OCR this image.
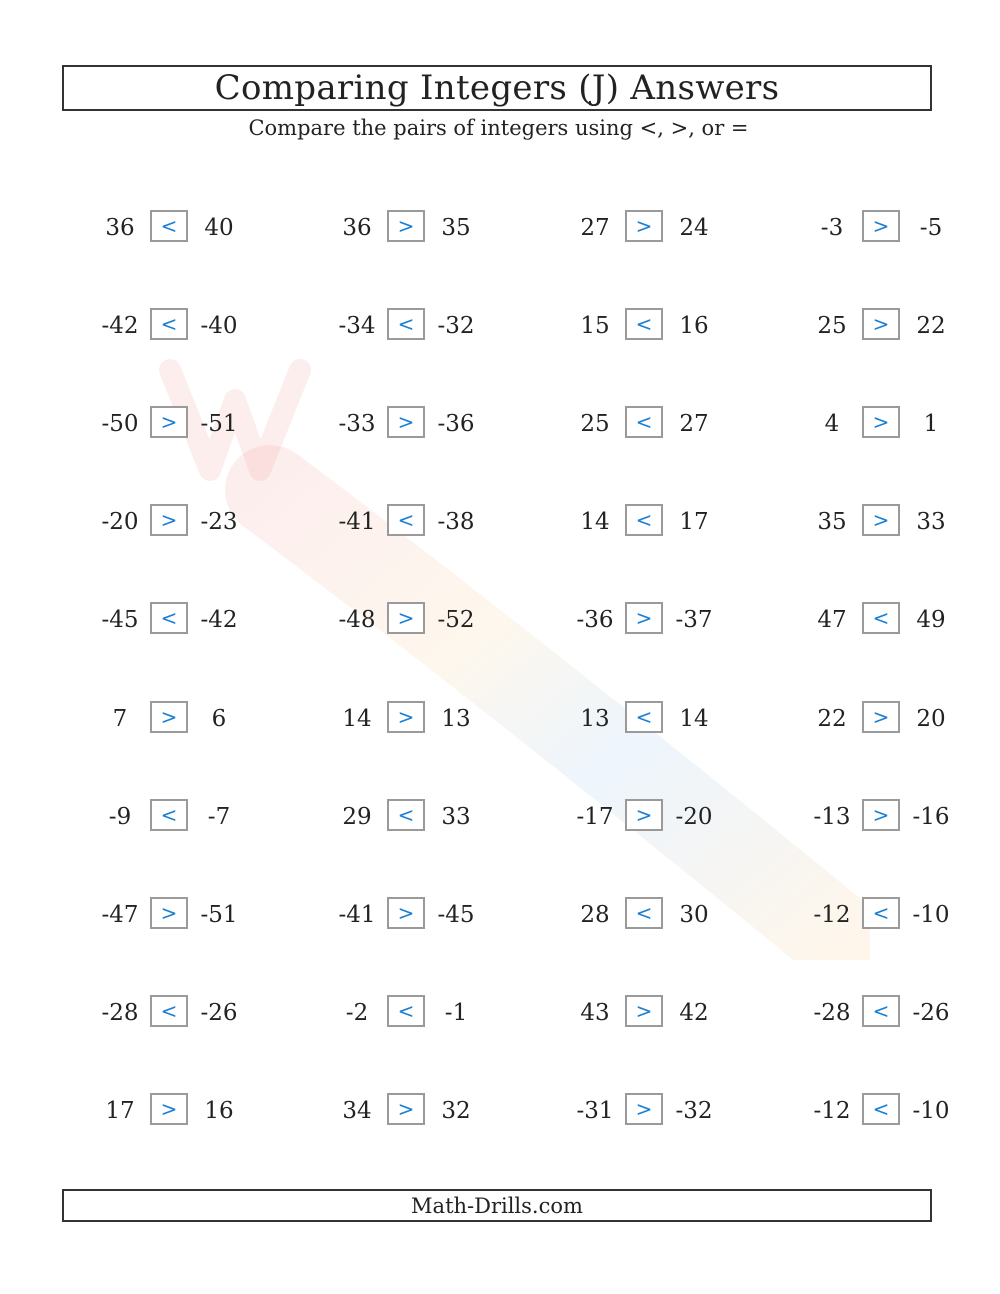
Comparing Integers (J) Answers
Compare the pairs of integers using <, >, or =
36	<	40	36	>	35	27	>	24	-3	>	-5
-42	<	-40	-34	<	-32	15	<	16	25	>	22
-50	>	-51	-33	>	-36	25	<	27	4	>	1
-20	>	-23	-41	<	-38	14	<	17	35	>	33
-45	<	-42	-48	>	-52	-36	>	-37	47	<	49
7	>	6	14	>	13	13	<	14	22	>	20
-9	<	-7	29	<	33	-17	>	-20	-13	>	-16
-47	>	-51	-41	>	-45	28	<	30	-12	<	-10
-28	<	-26	-2	<	-1	43	>	42	-28	<	-26
17	>	16	34	>	32	-31	>	-32	-12	<	-10
Math-Drills.com
